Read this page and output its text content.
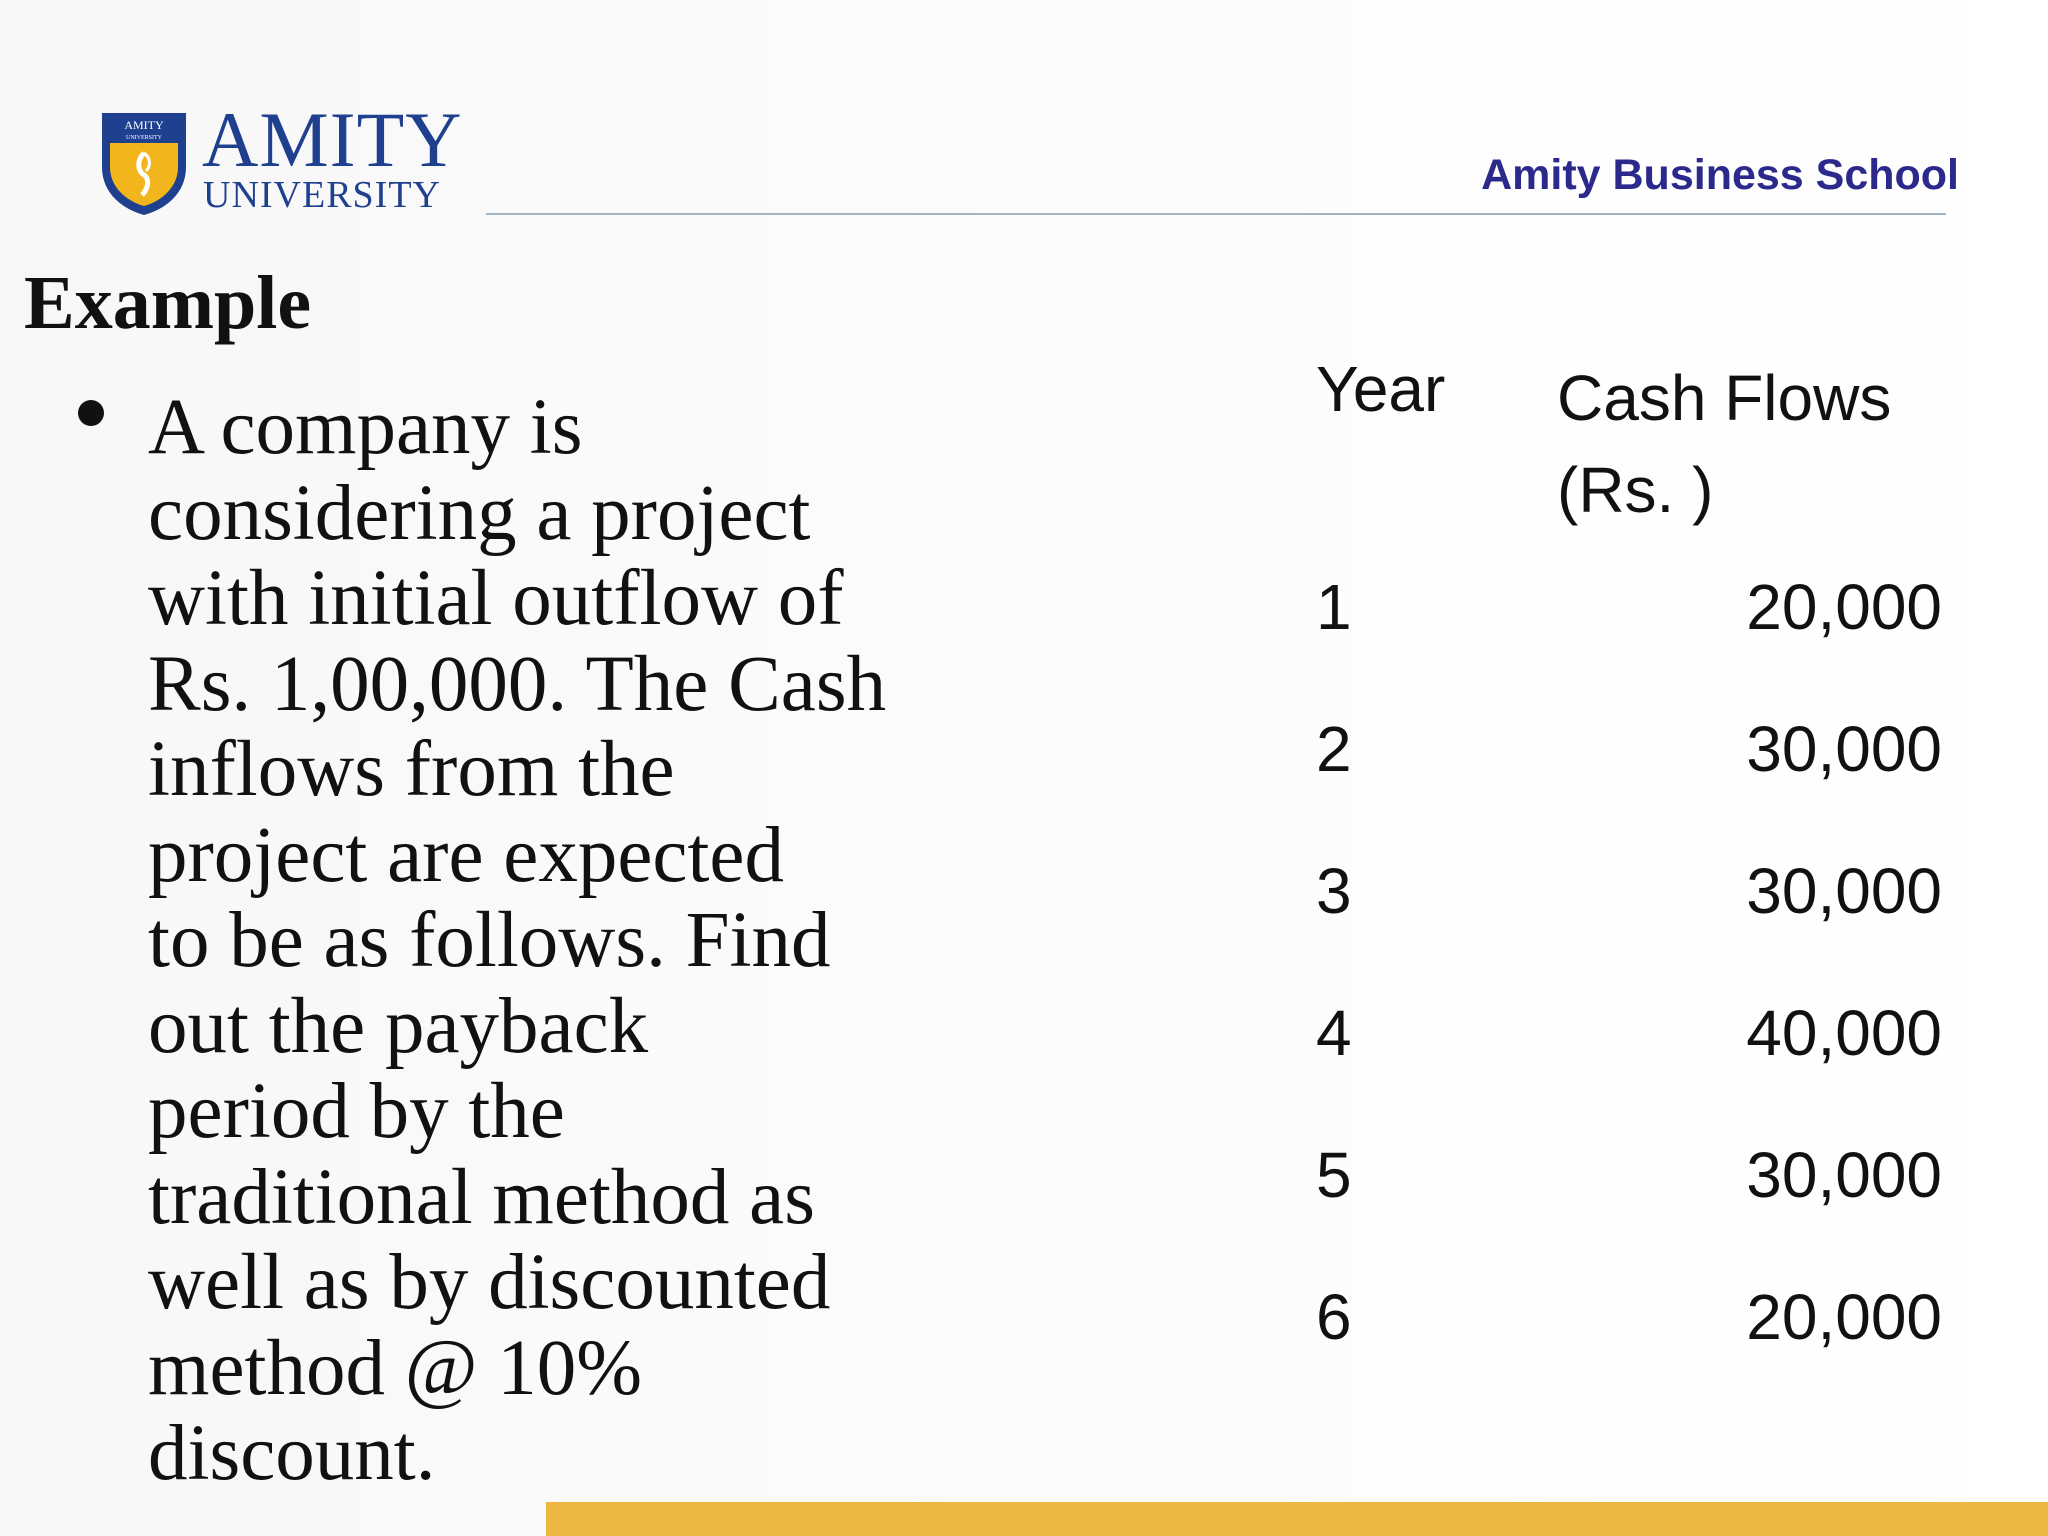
AMITY
UNIVERSITY AMITY
UNIVERSITY	Amity Business School
Example
A company is
considering a project
with initial outflow of
Rs. 1,00,000. The Cash
inflows from the
project are expected
to be as follows. Find
out the payback
period by the
traditional method as
well as by discounted
method @ 10%
discount.
Year Cash Flows
(Rs. )
1	20,000
2	30,000
3	30,000
4	40,000
5	30,000
6	20,000
